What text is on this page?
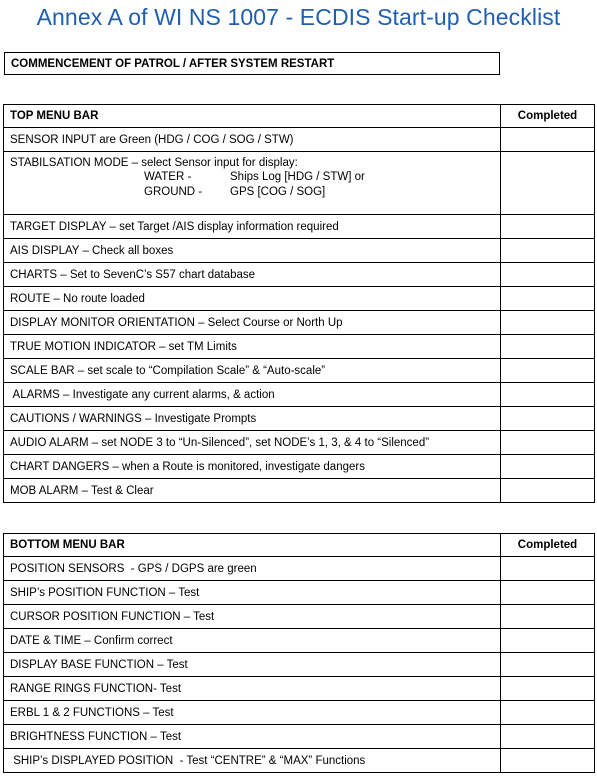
Annex A of WI NS 1007 - ECDIS Start-up Checklist
COMMENCEMENT OF PATROL / AFTER SYSTEM RESTART
TOP MENU BAR	Completed
SENSOR INPUT are Green (HDG / COG / SOG / STW)	

STABILSATION MODE – select Sensor input for display:
WATER - Ships Log [HDG / STW] or
GROUND - GPS [COG / SOG]	

TARGET DISPLAY – set Target /AIS display information required	
AIS DISPLAY – Check all boxes	
CHARTS – Set to SevenC’s S57 chart database	
ROUTE – No route loaded	
DISPLAY MONITOR ORIENTATION – Select Course or North Up	
TRUE MOTION INDICATOR – set TM Limits	
SCALE BAR – set scale to “Compilation Scale” & “Auto-scale”	
ALARMS – Investigate any current alarms, & action	
CAUTIONS / WARNINGS – Investigate Prompts	
AUDIO ALARM – set NODE 3 to “Un-Silenced”, set NODE’s 1, 3, & 4 to “Silenced”	
CHART DANGERS – when a Route is monitored, investigate dangers	
MOB ALARM – Test & Clear	
BOTTOM MENU BAR	Completed
POSITION SENSORS  - GPS / DGPS are green	
SHIP’s POSITION FUNCTION – Test	
CURSOR POSITION FUNCTION – Test	
DATE & TIME – Confirm correct	
DISPLAY BASE FUNCTION – Test	
RANGE RINGS FUNCTION- Test	
ERBL 1 & 2 FUNCTIONS – Test	
BRIGHTNESS FUNCTION – Test	
SHIP’s DISPLAYED POSITION  - Test “CENTRE” & “MAX” Functions	
